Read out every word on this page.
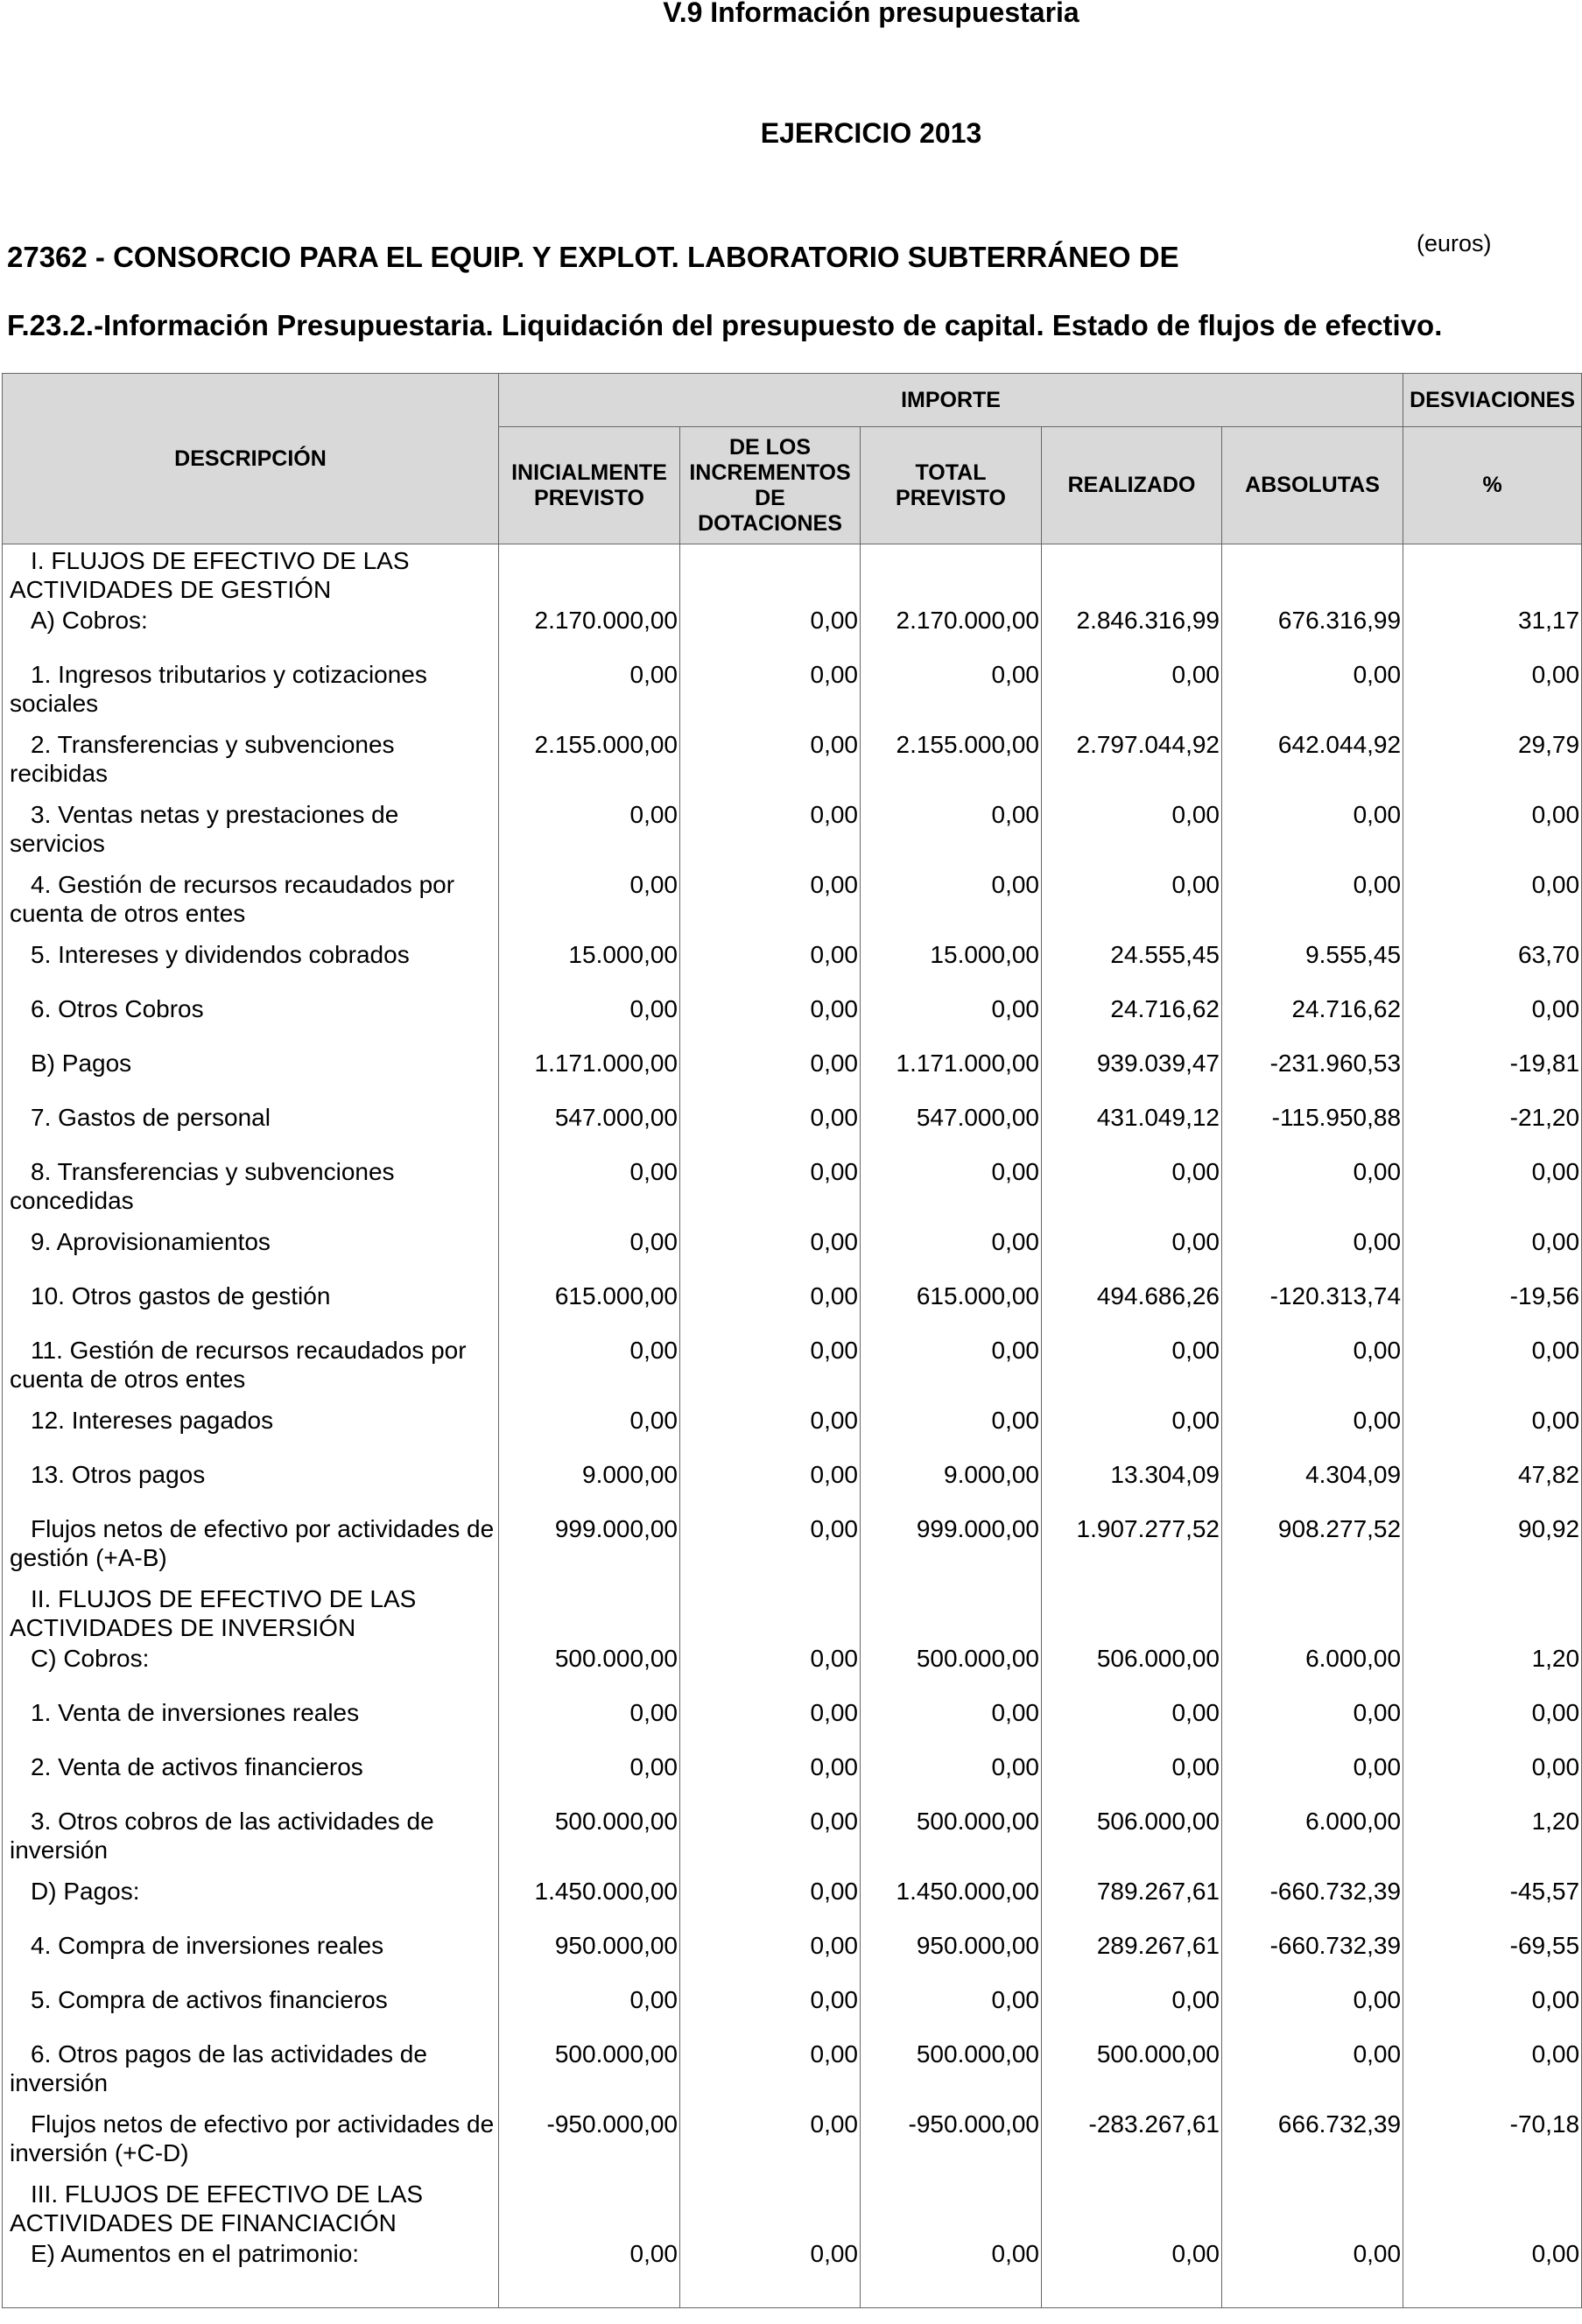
V.9 Información presupuestaria
EJERCICIO 2013
27362 - CONSORCIO PARA EL EQUIP. Y EXPLOT. LABORATORIO SUBTERRÁNEO DE	(euros)
F.23.2.-Información Presupuestaria. Liquidación del presupuesto de capital. Estado de flujos de efectivo.
DESCRIPCIÓN	IMPORTE					DESVIACIONES
	INICIALMENTE PREVISTO	DE LOS INCREMENTOS DE DOTACIONES	TOTAL PREVISTO	REALIZADO	ABSOLUTAS	%
I. FLUJOS DE EFECTIVO DE LAS ACTIVIDADES DE GESTIÓN						
A) Cobros:	2.170.000,00	0,00	2.170.000,00	2.846.316,99	676.316,99	31,17
1. Ingresos tributarios y cotizaciones sociales	0,00	0,00	0,00	0,00	0,00	0,00
2. Transferencias y subvenciones recibidas	2.155.000,00	0,00	2.155.000,00	2.797.044,92	642.044,92	29,79
3. Ventas netas y prestaciones de servicios	0,00	0,00	0,00	0,00	0,00	0,00
4. Gestión de recursos recaudados por cuenta de otros entes	0,00	0,00	0,00	0,00	0,00	0,00
5. Intereses y dividendos cobrados	15.000,00	0,00	15.000,00	24.555,45	9.555,45	63,70
6. Otros Cobros	0,00	0,00	0,00	24.716,62	24.716,62	0,00
B) Pagos	1.171.000,00	0,00	1.171.000,00	939.039,47	-231.960,53	-19,81
7. Gastos de personal	547.000,00	0,00	547.000,00	431.049,12	-115.950,88	-21,20
8. Transferencias y subvenciones concedidas	0,00	0,00	0,00	0,00	0,00	0,00
9. Aprovisionamientos	0,00	0,00	0,00	0,00	0,00	0,00
10. Otros gastos de gestión	615.000,00	0,00	615.000,00	494.686,26	-120.313,74	-19,56
11. Gestión de recursos recaudados por cuenta de otros entes	0,00	0,00	0,00	0,00	0,00	0,00
12. Intereses pagados	0,00	0,00	0,00	0,00	0,00	0,00
13. Otros pagos	9.000,00	0,00	9.000,00	13.304,09	4.304,09	47,82
Flujos netos de efectivo por actividades de gestión (+A-B)	999.000,00	0,00	999.000,00	1.907.277,52	908.277,52	90,92
II. FLUJOS DE EFECTIVO DE LAS ACTIVIDADES DE INVERSIÓN						
C) Cobros:	500.000,00	0,00	500.000,00	506.000,00	6.000,00	1,20
1. Venta de inversiones reales	0,00	0,00	0,00	0,00	0,00	0,00
2. Venta de activos financieros	0,00	0,00	0,00	0,00	0,00	0,00
3. Otros cobros de las actividades de inversión	500.000,00	0,00	500.000,00	506.000,00	6.000,00	1,20
D) Pagos:	1.450.000,00	0,00	1.450.000,00	789.267,61	-660.732,39	-45,57
4. Compra de inversiones reales	950.000,00	0,00	950.000,00	289.267,61	-660.732,39	-69,55
5. Compra de activos financieros	0,00	0,00	0,00	0,00	0,00	0,00
6. Otros pagos de las actividades de inversión	500.000,00	0,00	500.000,00	500.000,00	0,00	0,00
Flujos netos de efectivo por actividades de inversión (+C-D)	-950.000,00	0,00	-950.000,00	-283.267,61	666.732,39	-70,18
III. FLUJOS DE EFECTIVO DE LAS ACTIVIDADES DE FINANCIACIÓN						
E) Aumentos en el patrimonio:	0,00	0,00	0,00	0,00	0,00	0,00
